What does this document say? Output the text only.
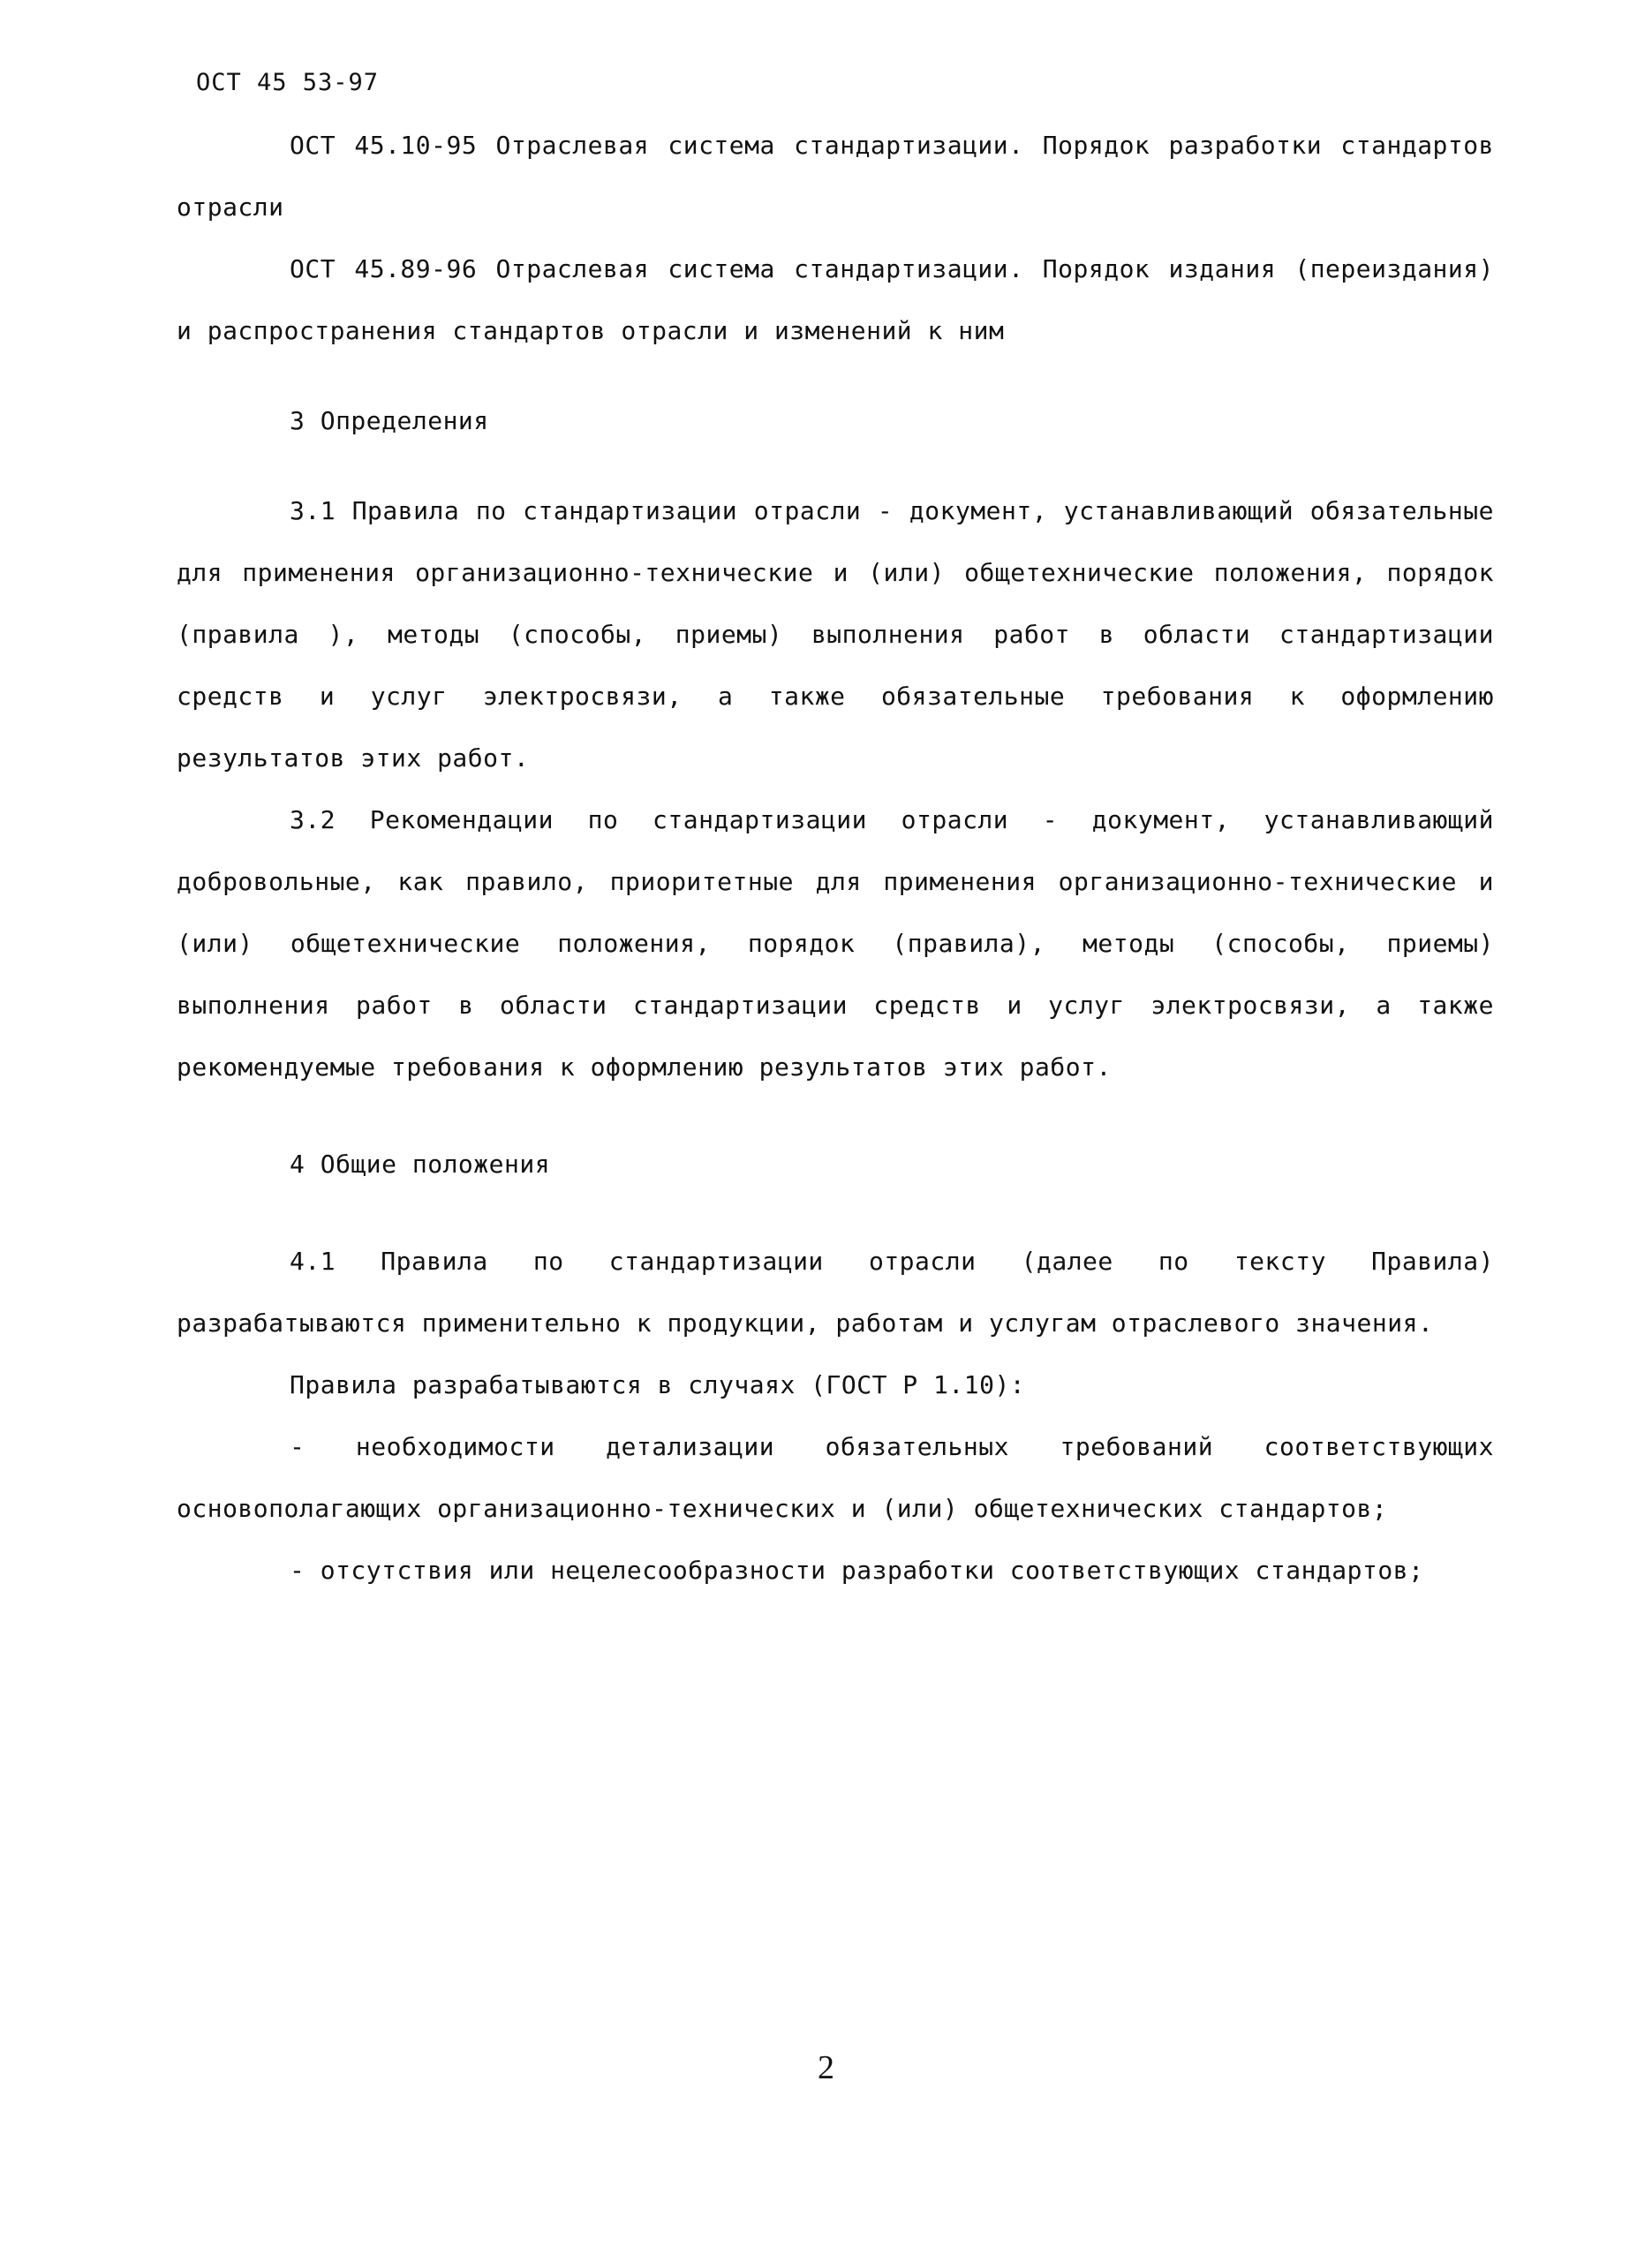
ОСТ 45 53-97

ОСТ 45.10-95 Отраслевая система стандартизации. Порядок разработки стандартов отрасли

ОСТ 45.89-96 Отраслевая система стандартизации. Порядок издания (переиздания) и распространения стандартов отрасли и изменений к ним

3 Определения

3.1 Правила по стандартизации отрасли - документ, устанавливающий обязательные для применения организационно-технические и (или) общетехнические положения, порядок (правила ), методы (способы, приемы) выполнения работ в области стандартизации средств и услуг электросвязи, а также обязательные требования к оформлению результатов этих работ.

3.2 Рекомендации по стандартизации отрасли - документ, устанавливающий добровольные, как правило, приоритетные для применения организационно-технические и (или) общетехнические положения, порядок (правила), методы (способы, приемы) выполнения работ в области стандартизации средств и услуг электросвязи, а также рекомендуемые требования к оформлению результатов этих работ.

4 Общие положения

4.1 Правила по стандартизации отрасли (далее по тексту Правила) разрабатываются применительно к продукции, работам и услугам отраслевого значения.

Правила разрабатываются в случаях (ГОСТ Р 1.10):

- необходимости детализации обязательных требований соответствующих основополагающих организационно-технических и (или) общетехнических стандартов;

- отсутствия или нецелесообразности разработки соответствующих стандартов;

2
